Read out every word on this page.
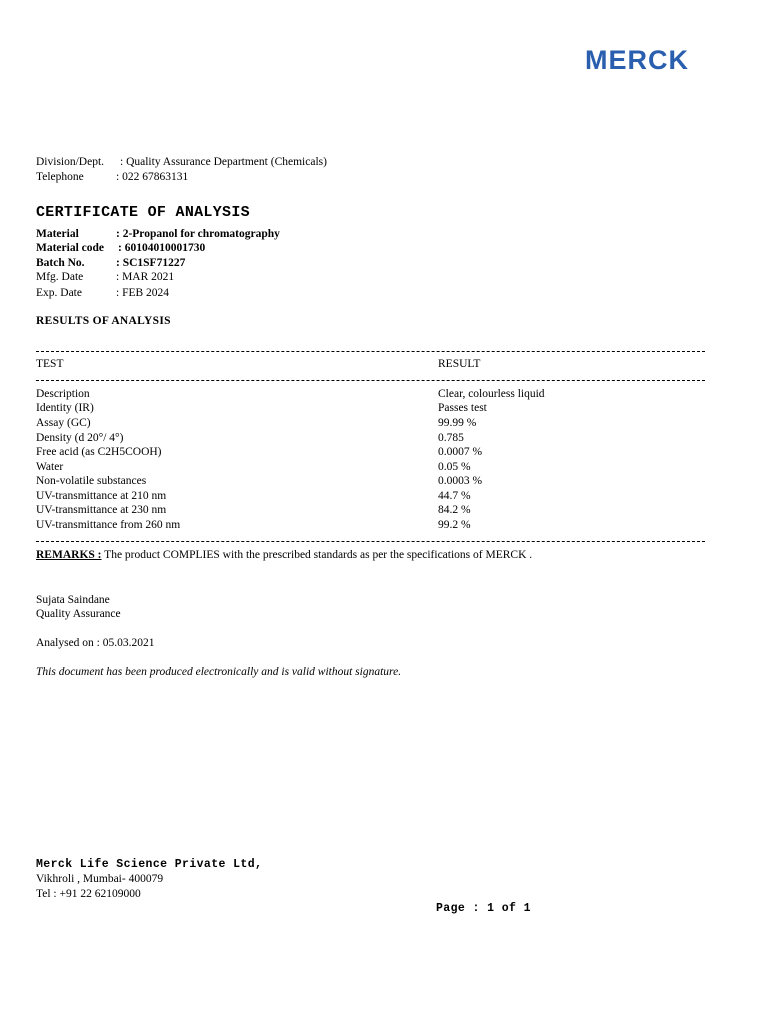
MERCK
Division/Dept. : Quality Assurance Department (Chemicals)
Telephone	: 022 67863131
CERTIFICATE OF ANALYSIS
Material	: 2-Propanol for chromatography
Material code : 60104010001730
Batch No.	: SC1SF71227
Mfg. Date	: MAR 2021
Exp. Date	: FEB 2024
RESULTS OF ANALYSIS
TEST	RESULT
Description	Clear, colourless liquid
Identity (IR)	Passes test
Assay (GC)	99.99 %
Density (d 20°/ 4°)	0.785
Free acid (as C2H5COOH)	0.0007 %
Water	0.05 %
Non-volatile substances	0.0003 %
UV-transmittance at 210 nm	44.7 %
UV-transmittance at 230 nm	84.2 %
UV-transmittance from 260 nm	99.2 %
REMARKS : The product COMPLIES with the prescribed standards as per the specifications of MERCK .
Sujata Saindane
Quality Assurance
Analysed on : 05.03.2021
This document has been produced electronically and is valid without signature.
Merck Life Science Private Ltd,
Vikhroli , Mumbai- 400079
Tel : +91 22 62109000
Page : 1 of 1
